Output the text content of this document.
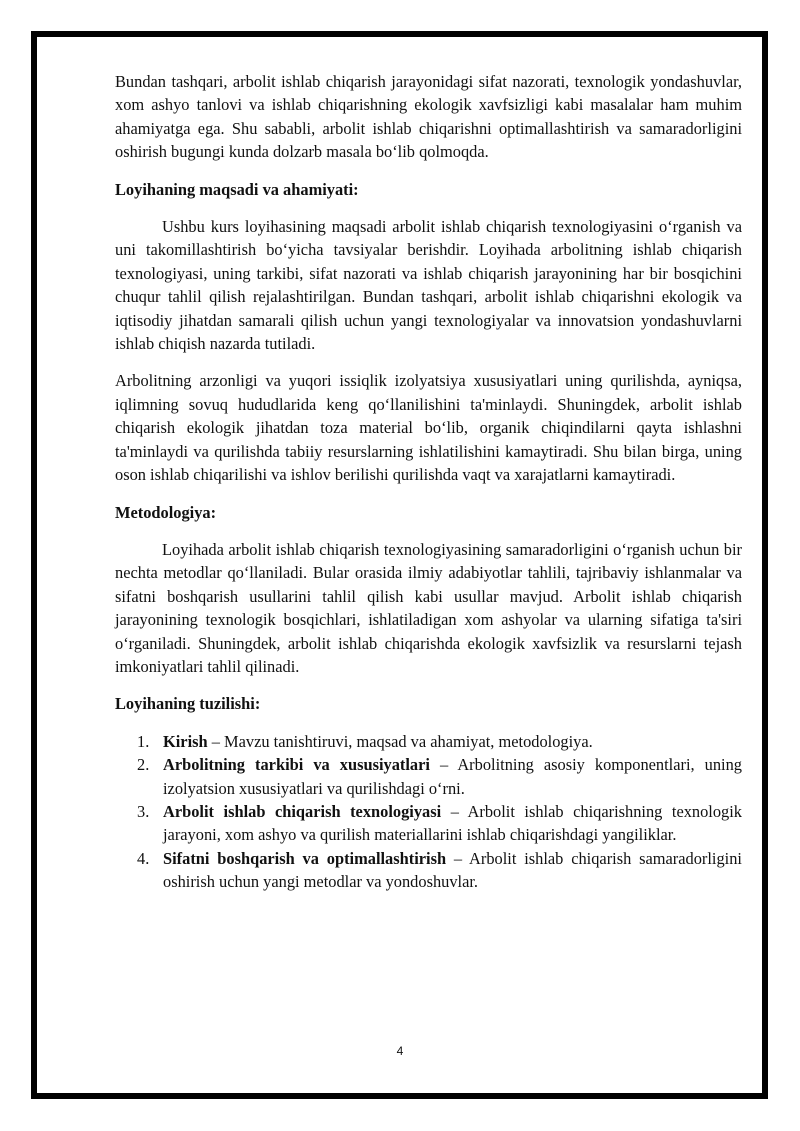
Bundan tashqari, arbolit ishlab chiqarish jarayonidagi sifat nazorati, texnologik yondashuvlar, xom ashyo tanlovi va ishlab chiqarishning ekologik xavfsizligi kabi masalalar ham muhim ahamiyatga ega. Shu sababli, arbolit ishlab chiqarishni optimallashtirish va samaradorligini oshirish bugungi kunda dolzarb masala bo‘lib qolmoqda.

Loyihaning maqsadi va ahamiyati:

Ushbu kurs loyihasining maqsadi arbolit ishlab chiqarish texnologiyasini o‘rganish va uni takomillashtirish bo‘yicha tavsiyalar berishdir. Loyihada arbolitning ishlab chiqarish texnologiyasi, uning tarkibi, sifat nazorati va ishlab chiqarish jarayonining har bir bosqichini chuqur tahlil qilish rejalashtirilgan. Bundan tashqari, arbolit ishlab chiqarishni ekologik va iqtisodiy jihatdan samarali qilish uchun yangi texnologiyalar va innovatsion yondashuvlarni ishlab chiqish nazarda tutiladi.

Arbolitning arzonligi va yuqori issiqlik izolyatsiya xususiyatlari uning qurilishda, ayniqsa, iqlimning sovuq hududlarida keng qo‘llanilishini ta'minlaydi. Shuningdek, arbolit ishlab chiqarish ekologik jihatdan toza material bo‘lib, organik chiqindilarni qayta ishlashni ta'minlaydi va qurilishda tabiiy resurslarning ishlatilishini kamaytiradi. Shu bilan birga, uning oson ishlab chiqarilishi va ishlov berilishi qurilishda vaqt va xarajatlarni kamaytiradi.

Metodologiya:

Loyihada arbolit ishlab chiqarish texnologiyasining samaradorligini o‘rganish uchun bir nechta metodlar qo‘llaniladi. Bular orasida ilmiy adabiyotlar tahlili, tajribaviy ishlanmalar va sifatni boshqarish usullarini tahlil qilish kabi usullar mavjud. Arbolit ishlab chiqarish jarayonining texnologik bosqichlari, ishlatiladigan xom ashyolar va ularning sifatiga ta'siri o‘rganiladi. Shuningdek, arbolit ishlab chiqarishda ekologik xavfsizlik va resurslarni tejash imkoniyatlari tahlil qilinadi.

Loyihaning tuzilishi:

1. Kirish – Mavzu tanishtiruvi, maqsad va ahamiyat, metodologiya.
2. Arbolitning tarkibi va xususiyatlari – Arbolitning asosiy komponentlari, uning izolyatsion xususiyatlari va qurilishdagi o‘rni.
3. Arbolit ishlab chiqarish texnologiyasi – Arbolit ishlab chiqarishning texnologik jarayoni, xom ashyo va qurilish materiallarini ishlab chiqarishdagi yangiliklar.
4. Sifatni boshqarish va optimallashtirish – Arbolit ishlab chiqarish samaradorligini oshirish uchun yangi metodlar va yondoshuvlar.
4
